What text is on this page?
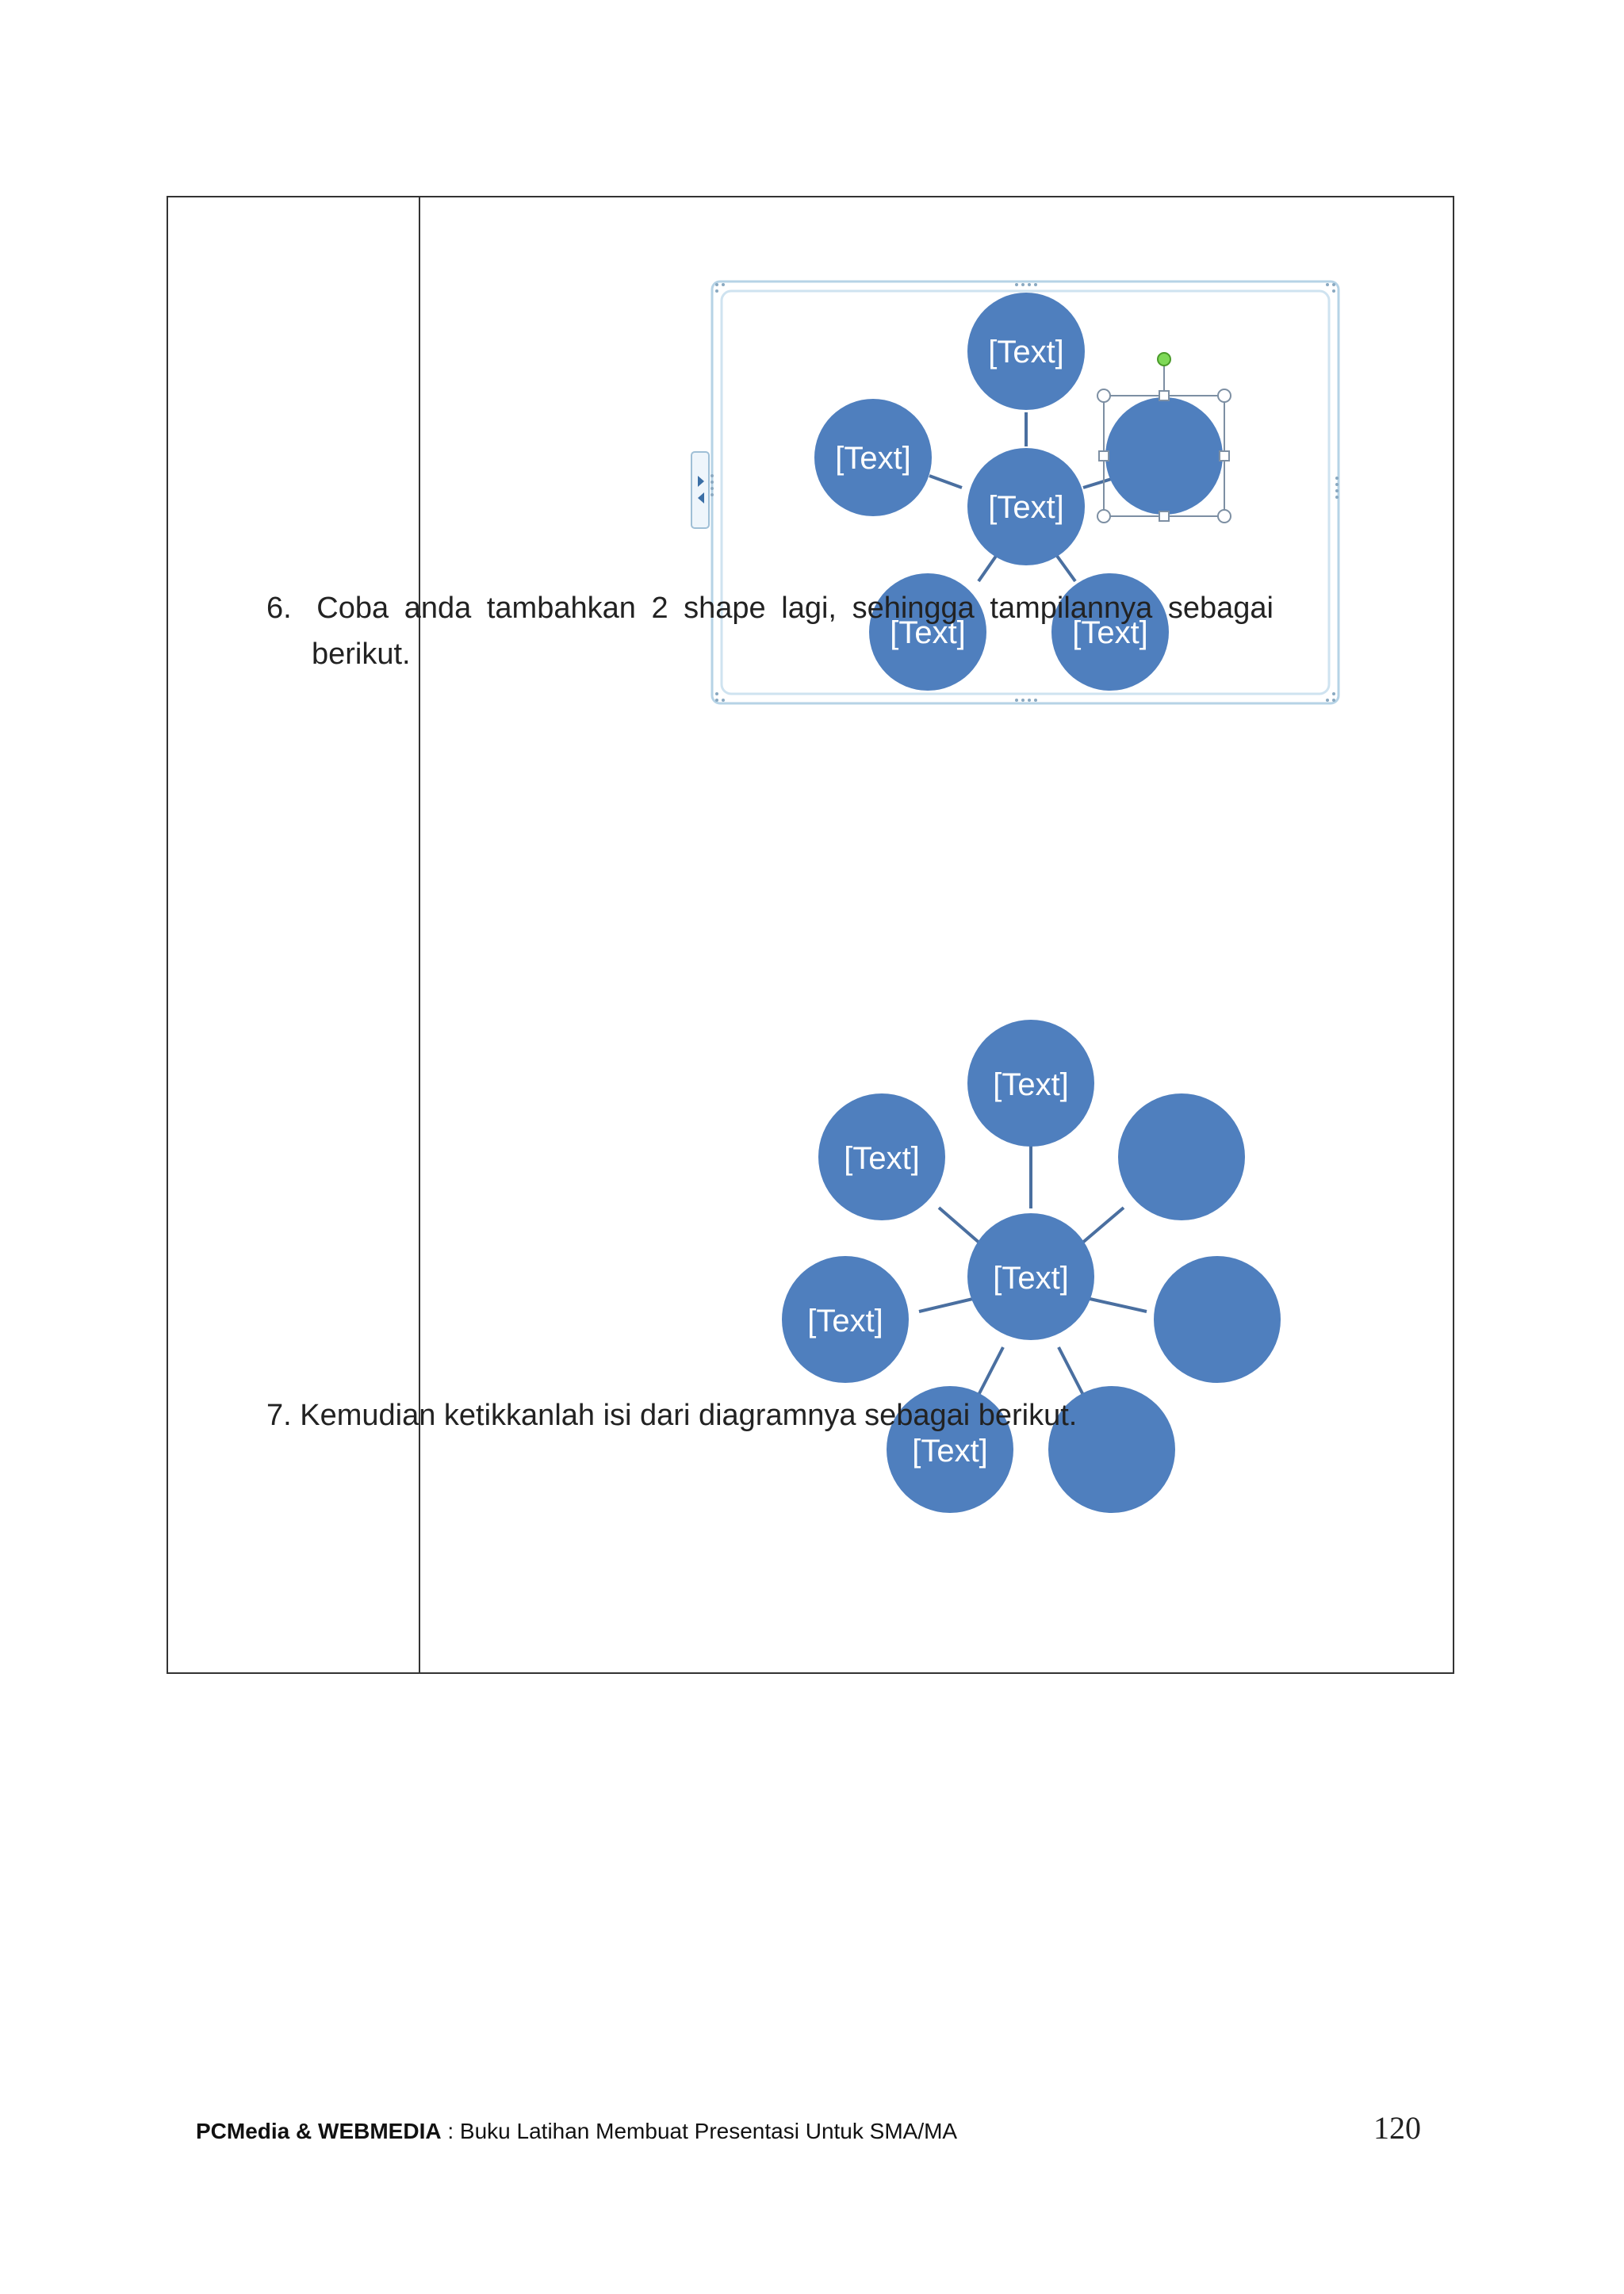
[Text]
[Text]
[Text]
[Text]	[Text]
6. Coba anda tambahkan 2 shape lagi, sehingga tampilannya sebagai
berikut.
[Text]
[Text]
[Text]
[Text]
[Text]
7. Kemudian ketikkanlah isi dari diagramnya sebagai berikut.
PCMedia & WEBMEDIA : Buku Latihan Membuat Presentasi Untuk SMA/MA	120
